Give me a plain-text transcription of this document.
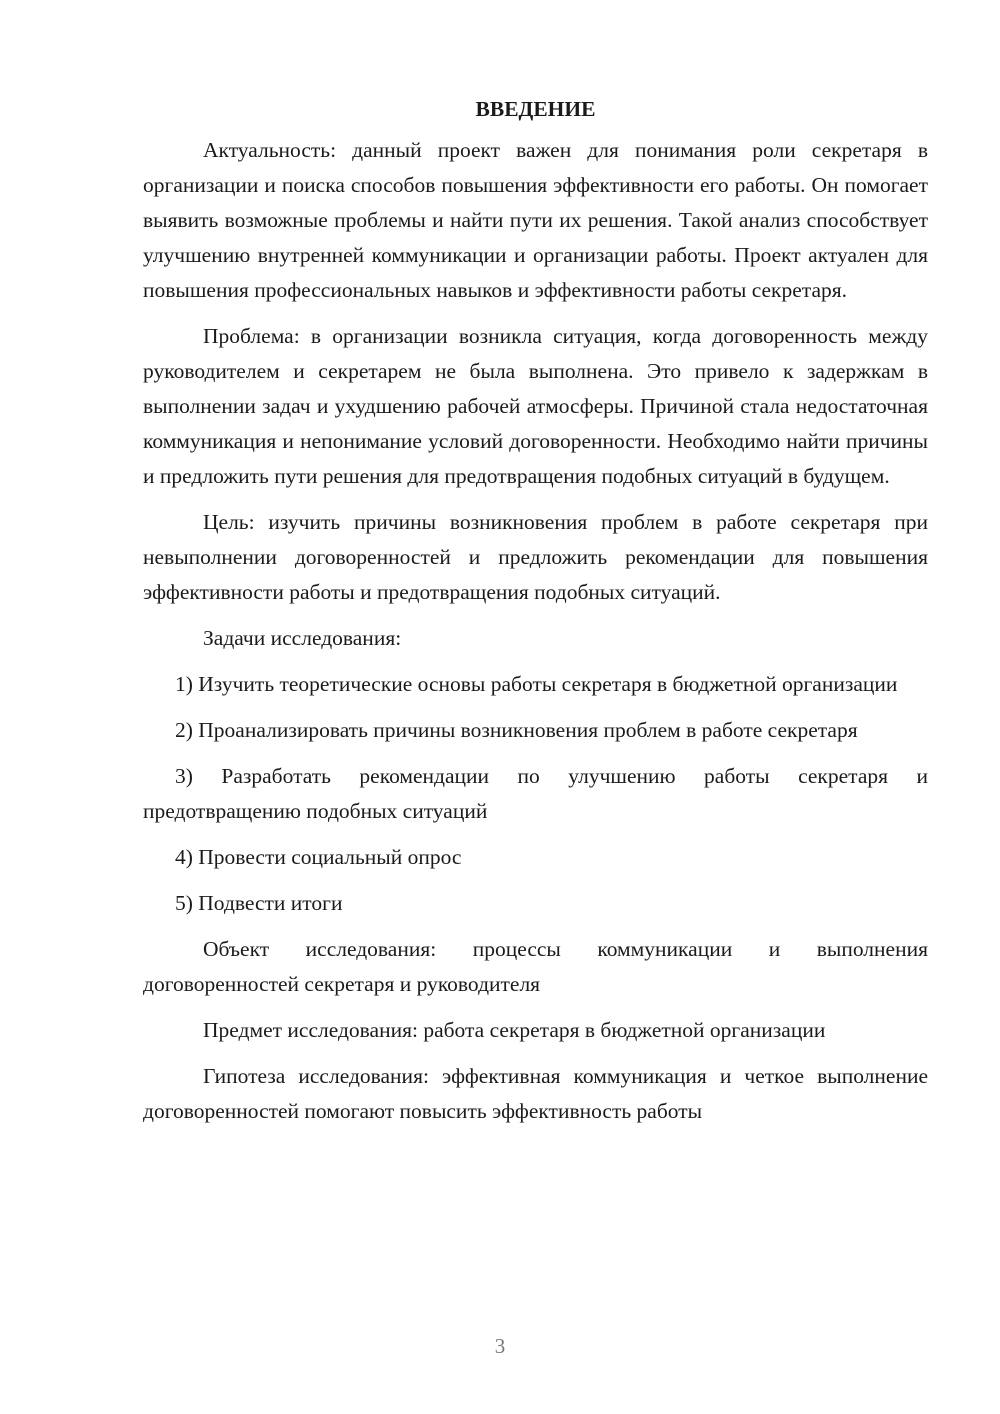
ВВЕДЕНИЕ

Актуальность: данный проект важен для понимания роли секретаря в организации и поиска способов повышения эффективности его работы. Он помогает выявить возможные проблемы и найти пути их решения. Такой анализ способствует улучшению внутренней коммуникации и организации работы. Проект актуален для повышения профессиональных навыков и эффективности работы секретаря.

Проблема: в организации возникла ситуация, когда договоренность между руководителем и секретарем не была выполнена. Это привело к задержкам в выполнении задач и ухудшению рабочей атмосферы. Причиной стала недостаточная коммуникация и непонимание условий договоренности. Необходимо найти причины и предложить пути решения для предотвращения подобных ситуаций в будущем.

Цель: изучить причины возникновения проблем в работе секретаря при невыполнении договоренностей и предложить рекомендации для повышения эффективности работы и предотвращения подобных ситуаций.

Задачи исследования:

1) Изучить теоретические основы работы секретаря в бюджетной организации

2) Проанализировать причины возникновения проблем в работе секретаря

3) Разработать рекомендации по улучшению работы секретаря и предотвращению подобных ситуаций

4) Провести социальный опрос

5) Подвести итоги

Объект исследования: процессы коммуникации и выполнения договоренностей секретаря и руководителя

Предмет исследования: работа секретаря в бюджетной организации

Гипотеза исследования: эффективная коммуникация и четкое выполнение договоренностей помогают повысить эффективность работы

3
